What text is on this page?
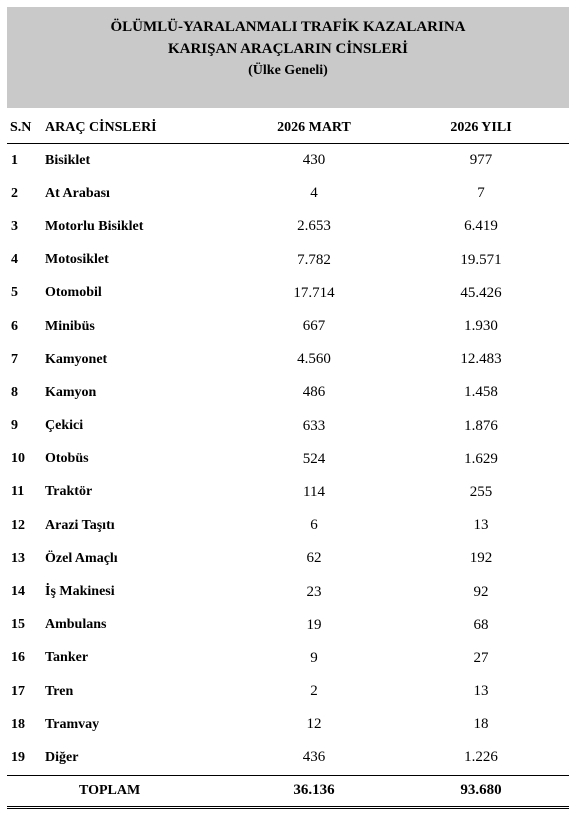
ÖLÜMLÜ-YARALANMALI TRAFİK KAZALARINA
KARIŞAN ARAÇLARIN CİNSLERİ
(Ülke Geneli)
S.N	ARAÇ CİNSLERİ	2026 MART	2026 YILI
1	Bisiklet	430	977
2	At Arabası	4	7
3	Motorlu Bisiklet	2.653	6.419
4	Motosiklet	7.782	19.571
5	Otomobil	17.714	45.426
6	Minibüs	667	1.930
7	Kamyonet	4.560	12.483
8	Kamyon	486	1.458
9	Çekici	633	1.876
10	Otobüs	524	1.629
11	Traktör	114	255
12	Arazi Taşıtı	6	13
13	Özel Amaçlı	62	192
14	İş Makinesi	23	92
15	Ambulans	19	68
16	Tanker	9	27
17	Tren	2	13
18	Tramvay	12	18
19	Diğer	436	1.226
TOPLAM		36.136	93.680
